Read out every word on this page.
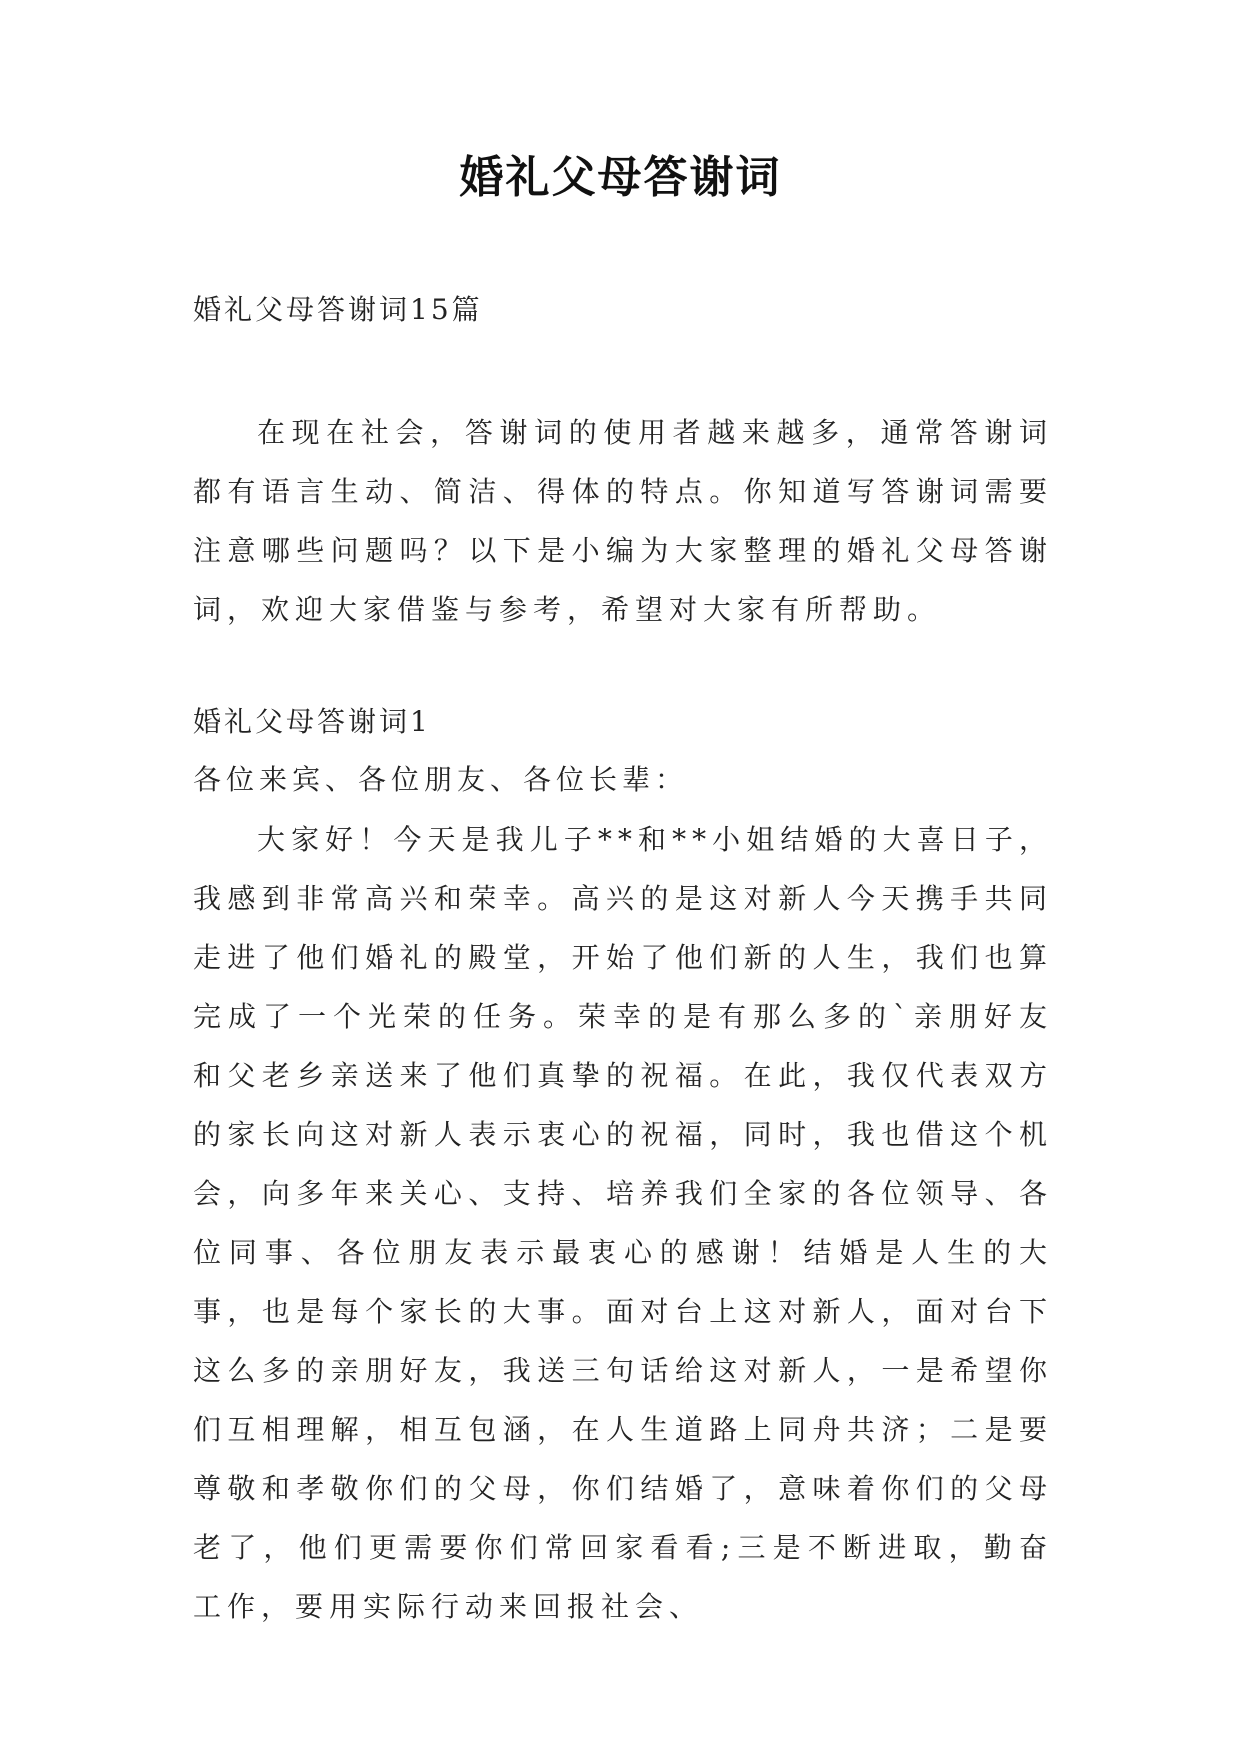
婚礼父母答谢词
婚礼父母答谢词15篇

在现在社会，答谢词的使用者越来越多，通常答谢词都有语言生动、简洁、得体的特点。你知道写答谢词需要注意哪些问题吗？以下是小编为大家整理的婚礼父母答谢词，欢迎大家借鉴与参考，希望对大家有所帮助。

婚礼父母答谢词1
各位来宾、各位朋友、各位长辈：

大家好！今天是我儿子**和**小姐结婚的大喜日子，我感到非常高兴和荣幸。高兴的是这对新人今天携手共同走进了他们婚礼的殿堂，开始了他们新的人生，我们也算完成了一个光荣的任务。荣幸的是有那么多的`亲朋好友和父老乡亲送来了他们真挚的祝福。在此，我仅代表双方的家长向这对新人表示衷心的祝福，同时，我也借这个机会，向多年来关心、支持、培养我们全家的各位领导、各位同事、各位朋友表示最衷心的感谢！结婚是人生的大事，也是每个家长的大事。面对台上这对新人，面对台下这么多的亲朋好友，我送三句话给这对新人，一是希望你们互相理解，相互包涵，在人生道路上同舟共济；二是要尊敬和孝敬你们的父母，你们结婚了，意味着你们的父母老了，他们更需要你们常回家看看;三是不断进取，勤奋工作，要用实际行动来回报社会、
